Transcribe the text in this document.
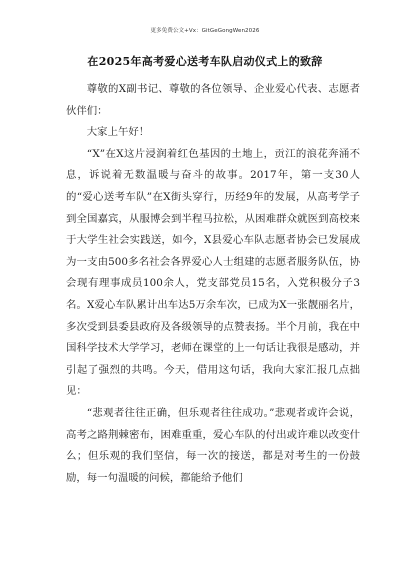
更多免费公文+Vx：GitGeGongWen2026
在2025年高考爱心送考车队启动仪式上的致辞

尊敬的X副书记、尊敬的各位领导、企业爱心代表、志愿者伙伴们：

大家上午好！

“X”在X这片浸润着红色基因的土地上，贡江的浪花奔涌不息，诉说着无数温暖与奋斗的故事。2017年，第一支30人的“爱心送考车队”在X街头穿行，历经9年的发展，从高考学子到全国嘉宾，从服博会到半程马拉松，从困难群众就医到高校来于大学生社会实践送，如今，X县爱心车队志愿者协会已发展成为一支由500多名社会各界爱心人士组建的志愿者服务队伍，协会现有理事成员100余人，党支部党员15名，入党积极分子3名。X爱心车队累计出车达5万余车次，已成为X一张靓丽名片，多次受到县委县政府及各级领导的点赞表扬。半个月前，我在中国科学技术大学学习，老师在课堂的上一句话让我很是感动，并引起了强烈的共鸣。今天，借用这句话，我向大家汇报几点拙见：

“悲观者往往正确，但乐观者往往成功。”悲观者或许会说，高考之路荆棘密布，困难重重，爱心车队的付出或许难以改变什么；但乐观的我们坚信，每一次的接送，都是对考生的一份鼓励，每一句温暖的问候，都能给予他们
